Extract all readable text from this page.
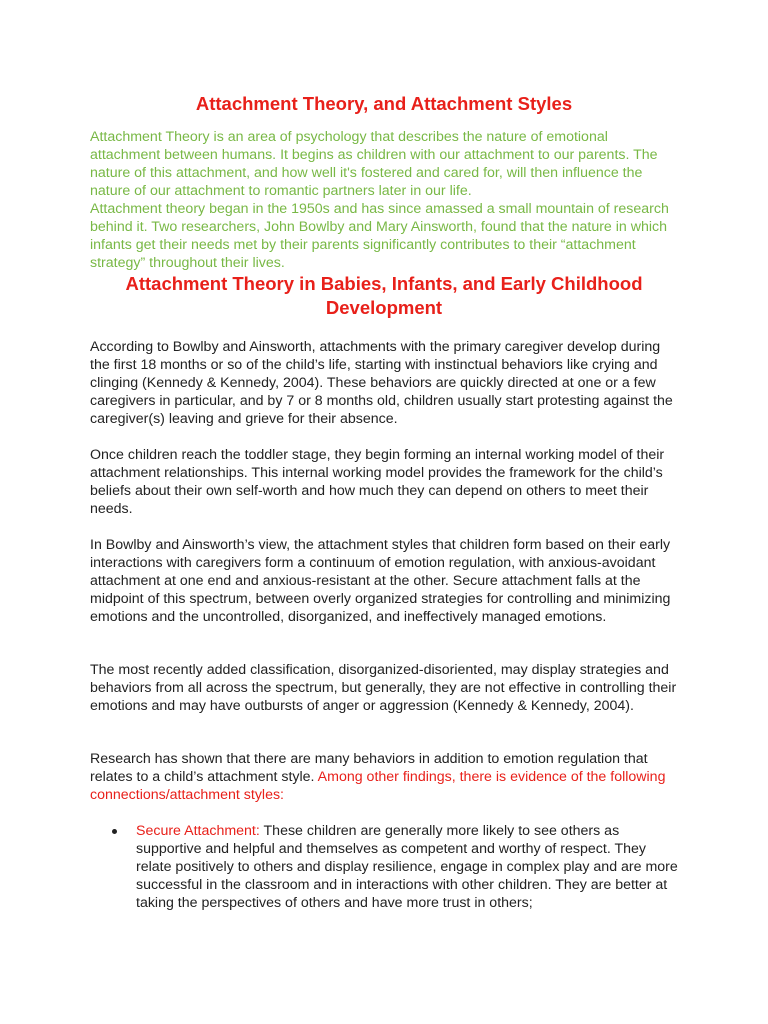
Attachment Theory, and Attachment Styles

Attachment Theory is an area of psychology that describes the nature of emotional attachment between humans. It begins as children with our attachment to our parents. The nature of this attachment, and how well it's fostered and cared for, will then influence the nature of our attachment to romantic partners later in our life.

Attachment theory began in the 1950s and has since amassed a small mountain of research behind it. Two researchers, John Bowlby and Mary Ainsworth, found that the nature in which infants get their needs met by their parents significantly contributes to their “attachment strategy” throughout their lives.

Attachment Theory in Babies, Infants, and Early Childhood Development

According to Bowlby and Ainsworth, attachments with the primary caregiver develop during the first 18 months or so of the child’s life, starting with instinctual behaviors like crying and clinging (Kennedy & Kennedy, 2004). These behaviors are quickly directed at one or a few caregivers in particular, and by 7 or 8 months old, children usually start protesting against the caregiver(s) leaving and grieve for their absence.

Once children reach the toddler stage, they begin forming an internal working model of their attachment relationships. This internal working model provides the framework for the child’s beliefs about their own self-worth and how much they can depend on others to meet their needs.

In Bowlby and Ainsworth’s view, the attachment styles that children form based on their early interactions with caregivers form a continuum of emotion regulation, with anxious-avoidant attachment at one end and anxious-resistant at the other. Secure attachment falls at the midpoint of this spectrum, between overly organized strategies for controlling and minimizing emotions and the uncontrolled, disorganized, and ineffectively managed emotions.

The most recently added classification, disorganized-disoriented, may display strategies and behaviors from all across the spectrum, but generally, they are not effective in controlling their emotions and may have outbursts of anger or aggression (Kennedy & Kennedy, 2004).

Research has shown that there are many behaviors in addition to emotion regulation that relates to a child’s attachment style. Among other findings, there is evidence of the following connections/attachment styles:

Secure Attachment: These children are generally more likely to see others as supportive and helpful and themselves as competent and worthy of respect. They relate positively to others and display resilience, engage in complex play and are more successful in the classroom and in interactions with other children. They are better at taking the perspectives of others and have more trust in others;
